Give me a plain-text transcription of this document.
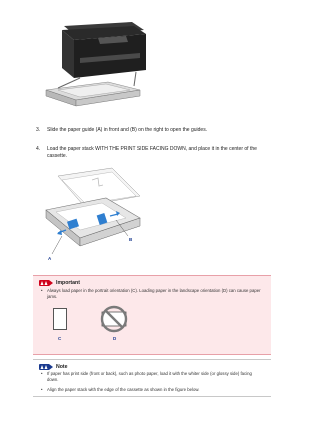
3. Slide the paper guide (A) in front and (B) on the right to open the guides.
4. Load the paper stack WITH THE PRINT SIDE FACING DOWN, and place it in the center of the cassette.
A
B
Important
• Always load paper in the portrait orientation (C). Loading paper in the landscape orientation (D) can cause paper jams.
C	D
Note
• If paper has print side (front or back), such as photo paper, load it with the whiter side (or glossy side) facing down.
• Align the paper stack with the edge of the cassette as shown in the figure below.
